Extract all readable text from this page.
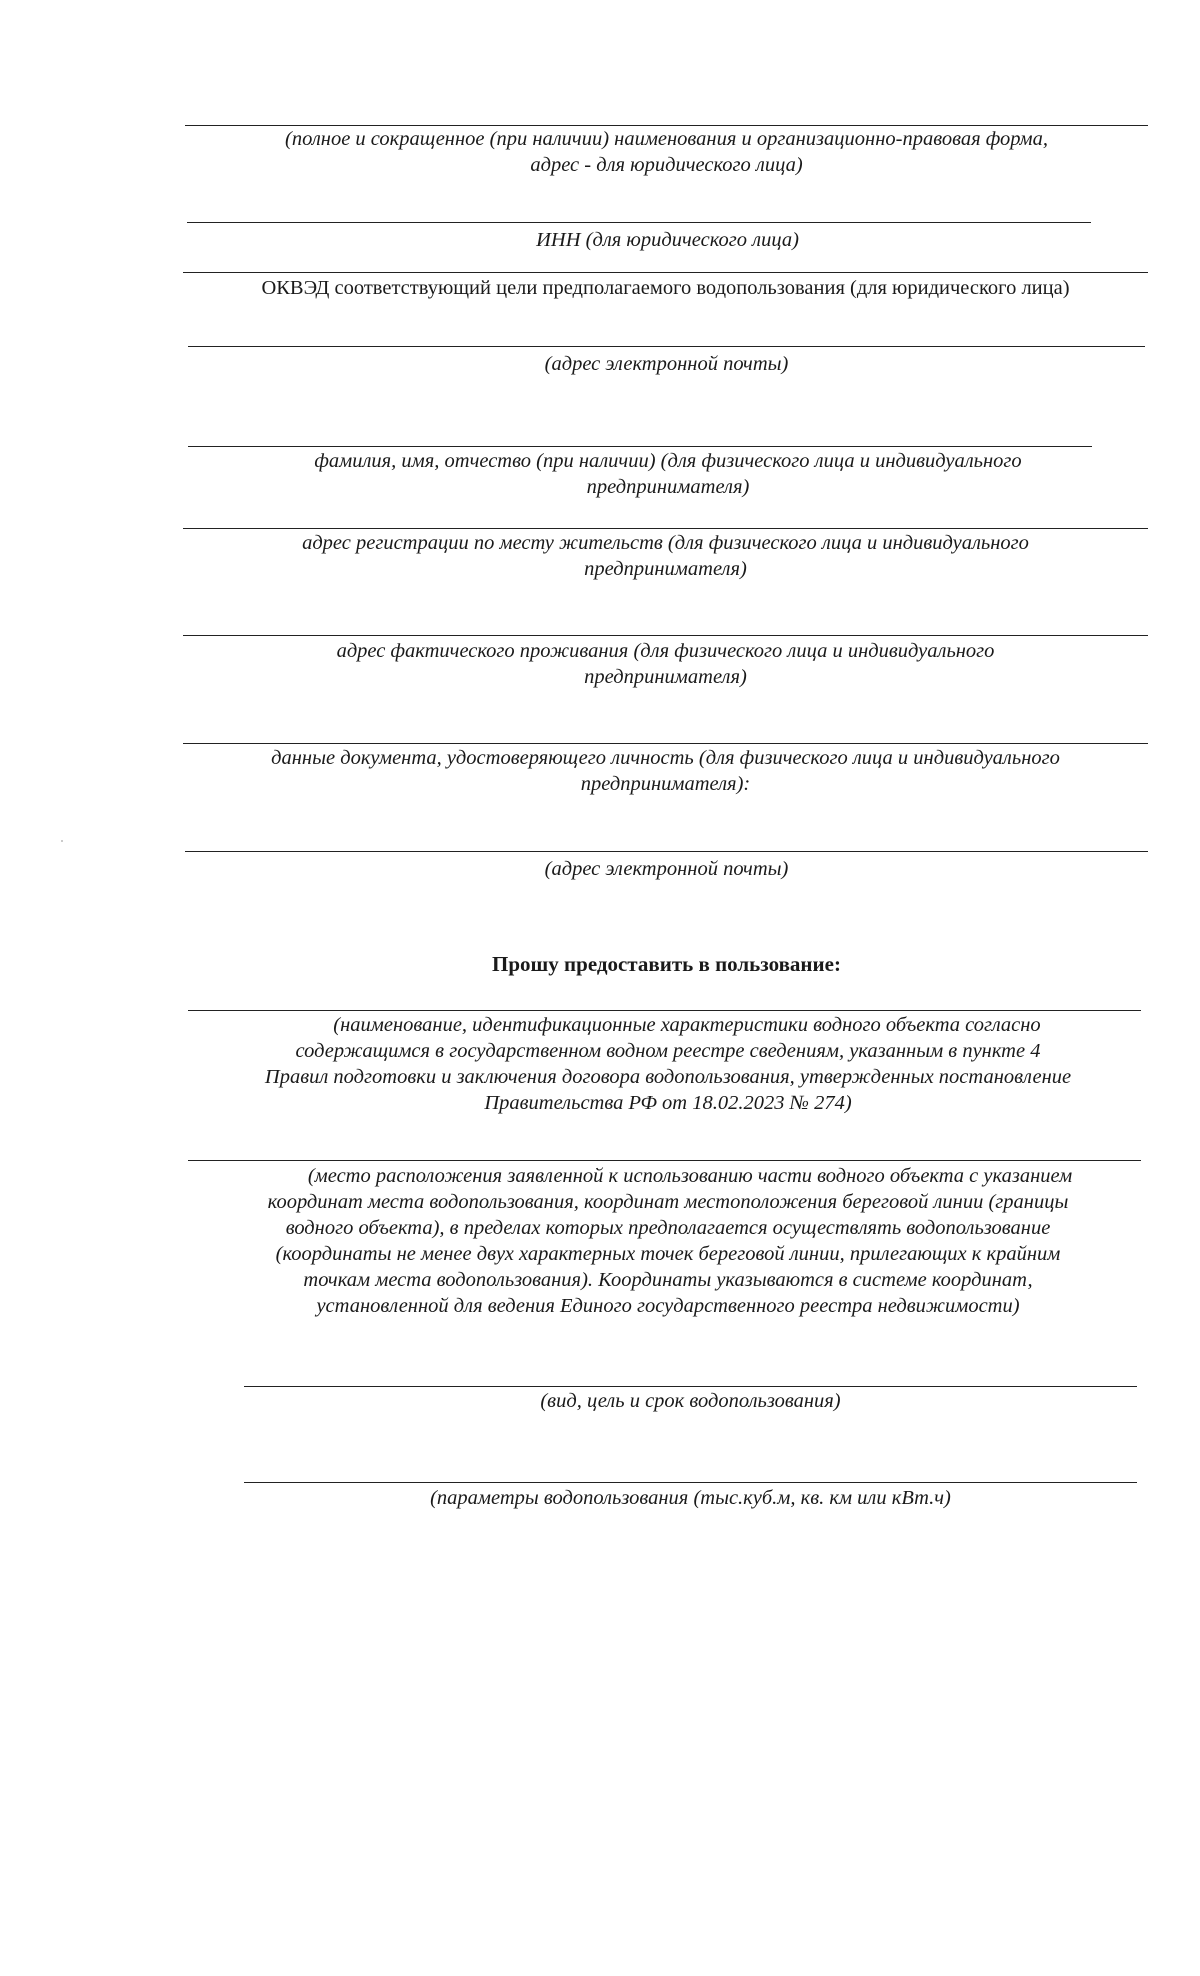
(полное и сокращенное (при наличии) наименования и организационно-правовая форма,
адрес - для юридического лица)

ИНН (для юридического лица)

ОКВЭД соответствующий цели предполагаемого водопользования (для юридического лица)

(адрес электронной почты)

фамилия, имя, отчество (при наличии) (для физического лица и индивидуального
предпринимателя)

адрес регистрации по месту жительств (для физического лица и индивидуального
предпринимателя)

адрес фактического проживания (для физического лица и индивидуального
предпринимателя)

данные документа, удостоверяющего личность (для физического лица и индивидуального
предпринимателя):

(адрес электронной почты)

Прошу предоставить в пользование:

(наименование, идентификационные характеристики водного объекта согласно
содержащимся в государственном водном реестре сведениям, указанным в пункте 4
Правил подготовки и заключения договора водопользования, утвержденных постановление
Правительства РФ от 18.02.2023 № 274)

(место расположения заявленной к использованию части водного объекта с указанием
координат места водопользования, координат местоположения береговой линии (границы
водного объекта), в пределах которых предполагается осуществлять водопользование
(координаты не менее двух характерных точек береговой линии, прилегающих к крайним
точкам места водопользования). Координаты указываются в системе координат,
установленной для ведения Единого государственного реестра недвижимости)

(вид, цель и срок водопользования)

(параметры водопользования (тыс.куб.м, кв. км или кВт.ч)
